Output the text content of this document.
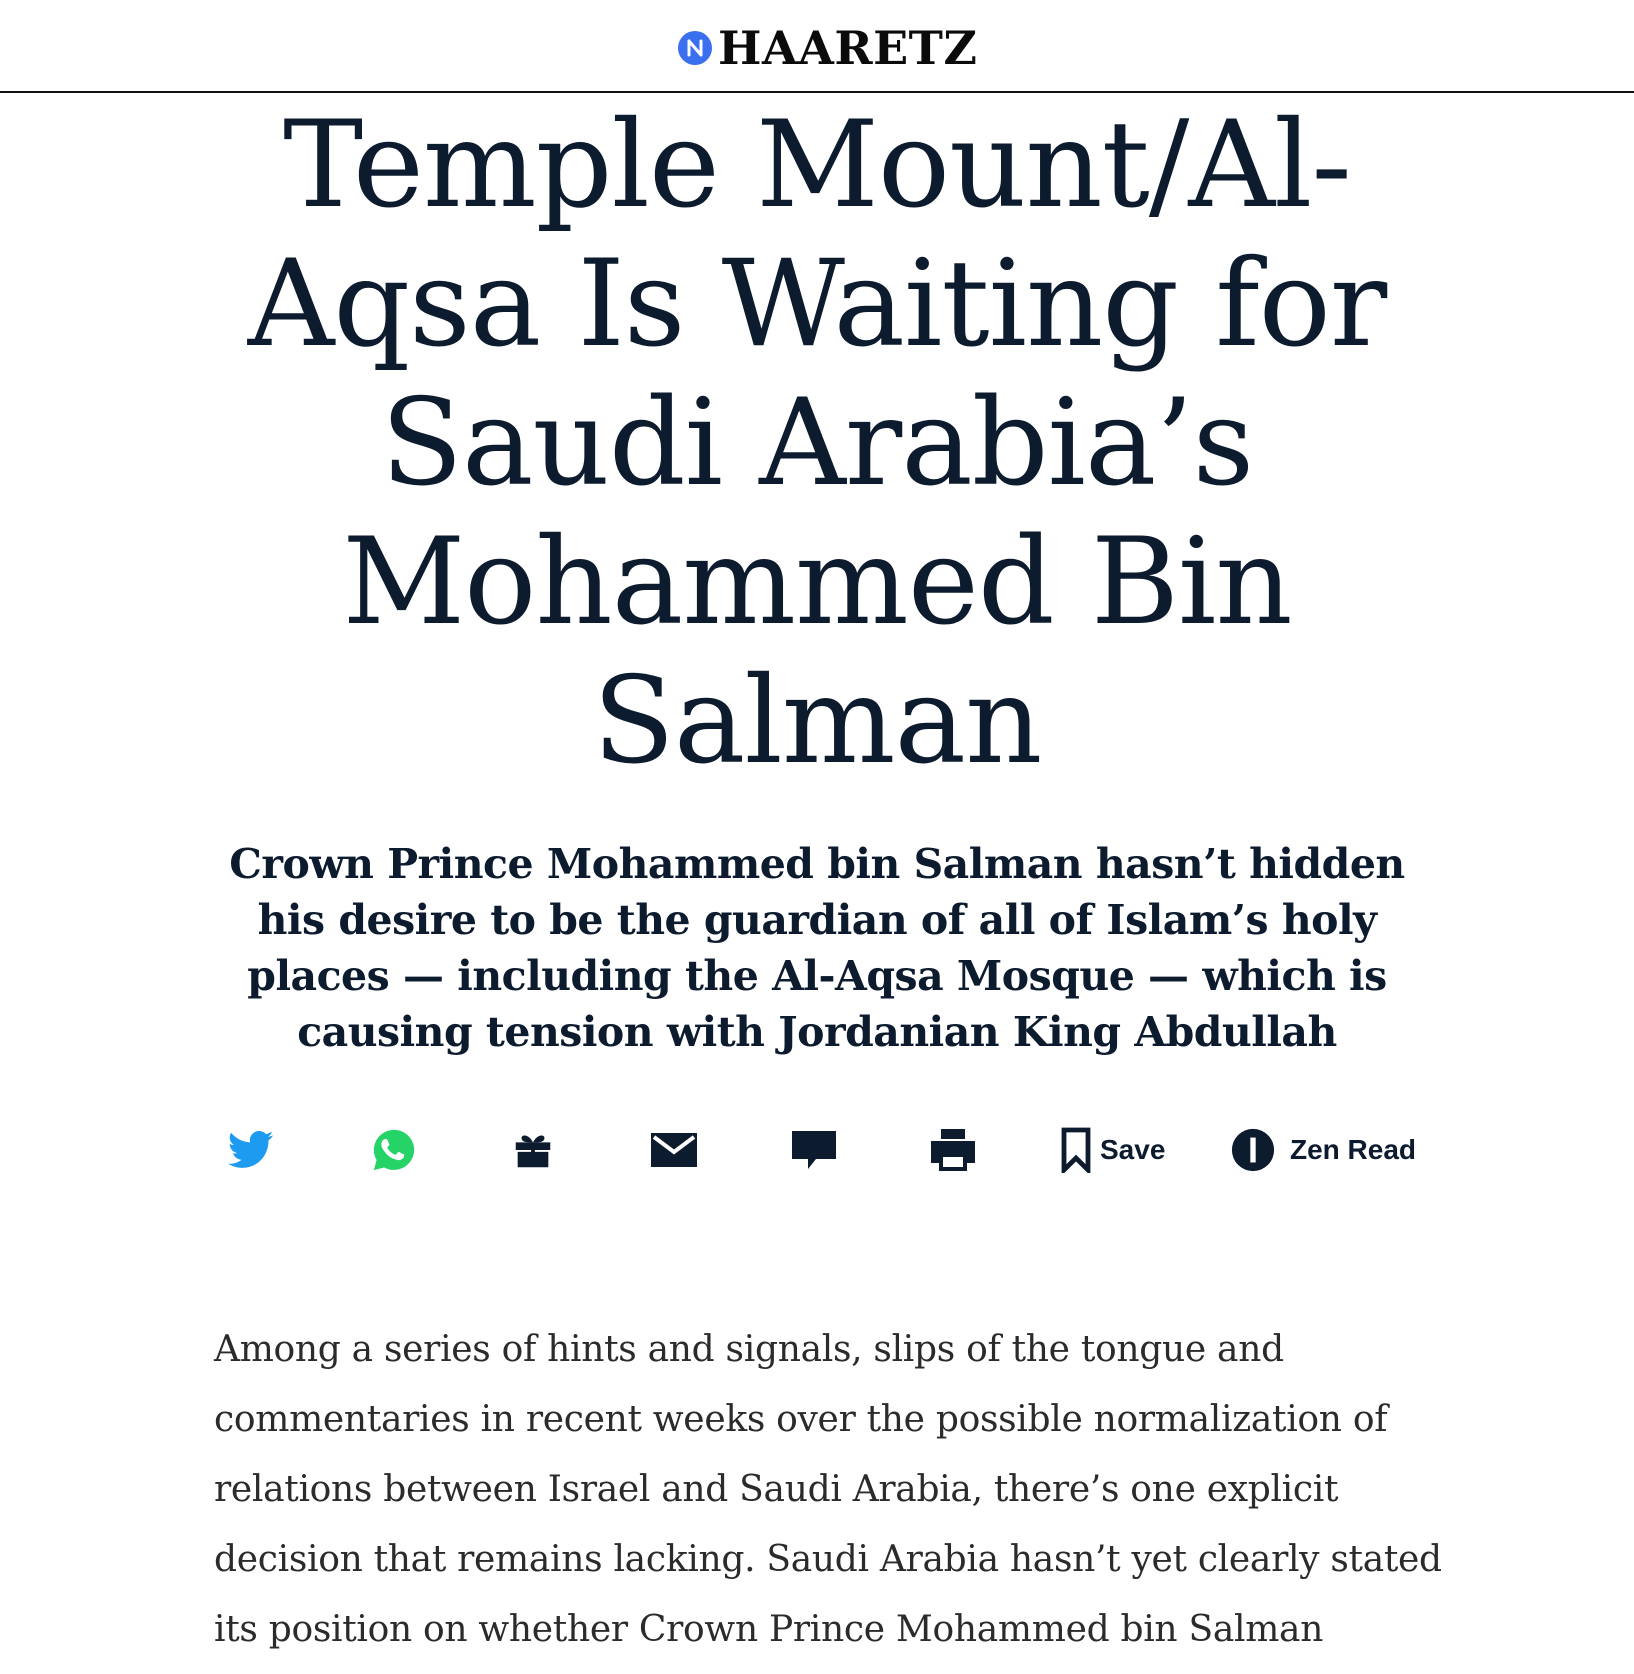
HAARETZ
Temple Mount/Al-Aqsa Is Waiting for Saudi Arabia’s Mohammed Bin Salman
Crown Prince Mohammed bin Salman hasn’t hidden his desire to be the guardian of all of Islam’s holy places — including the Al-Aqsa Mosque — which is causing tension with Jordanian King Abdullah
Save	Zen Read

Among a series of hints and signals, slips of the tongue and commentaries in recent weeks over the possible normalization of relations between Israel and Saudi Arabia, there’s one explicit decision that remains lacking. Saudi Arabia hasn’t yet clearly stated its position on whether Crown Prince Mohammed bin Salman
